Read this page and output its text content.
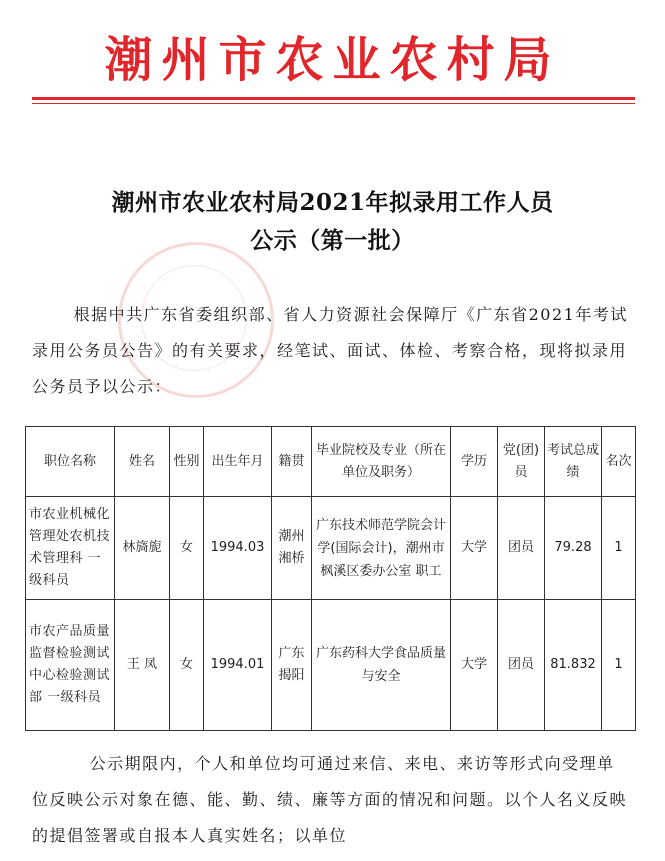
潮州市农业农村局
潮州市农业农村局2021年拟录用工作人员
公示（第一批）
根据中共广东省委组织部、省人力资源社会保障厅《广东省2021年考试录用公务员公告》的有关要求，经笔试、面试、体检、考察合格，现将拟录用公务员予以公示：
职位名称	姓名	性别	出生年月	籍贯	毕业院校及专业（所在单位及职务）	学历	党(团)员	考试总成绩	名次
市农业机械化管理处农机技术管理科 一级科员	林旖旎	女	1994.03	潮州湘桥	广东技术师范学院会计学(国际会计)，潮州市枫溪区委办公室 职工	大学	团员	79.28	1
市农产品质量监督检验测试中心检验测试部 一级科员	王 凤	女	1994.01	广东揭阳	广东药科大学食品质量与安全	大学	团员	81.832	1
公示期限内，个人和单位均可通过来信、来电、来访等形式向受理单位反映公示对象在德、能、勤、绩、廉等方面的情况和问题。以个人名义反映的提倡签署或自报本人真实姓名；以单位
